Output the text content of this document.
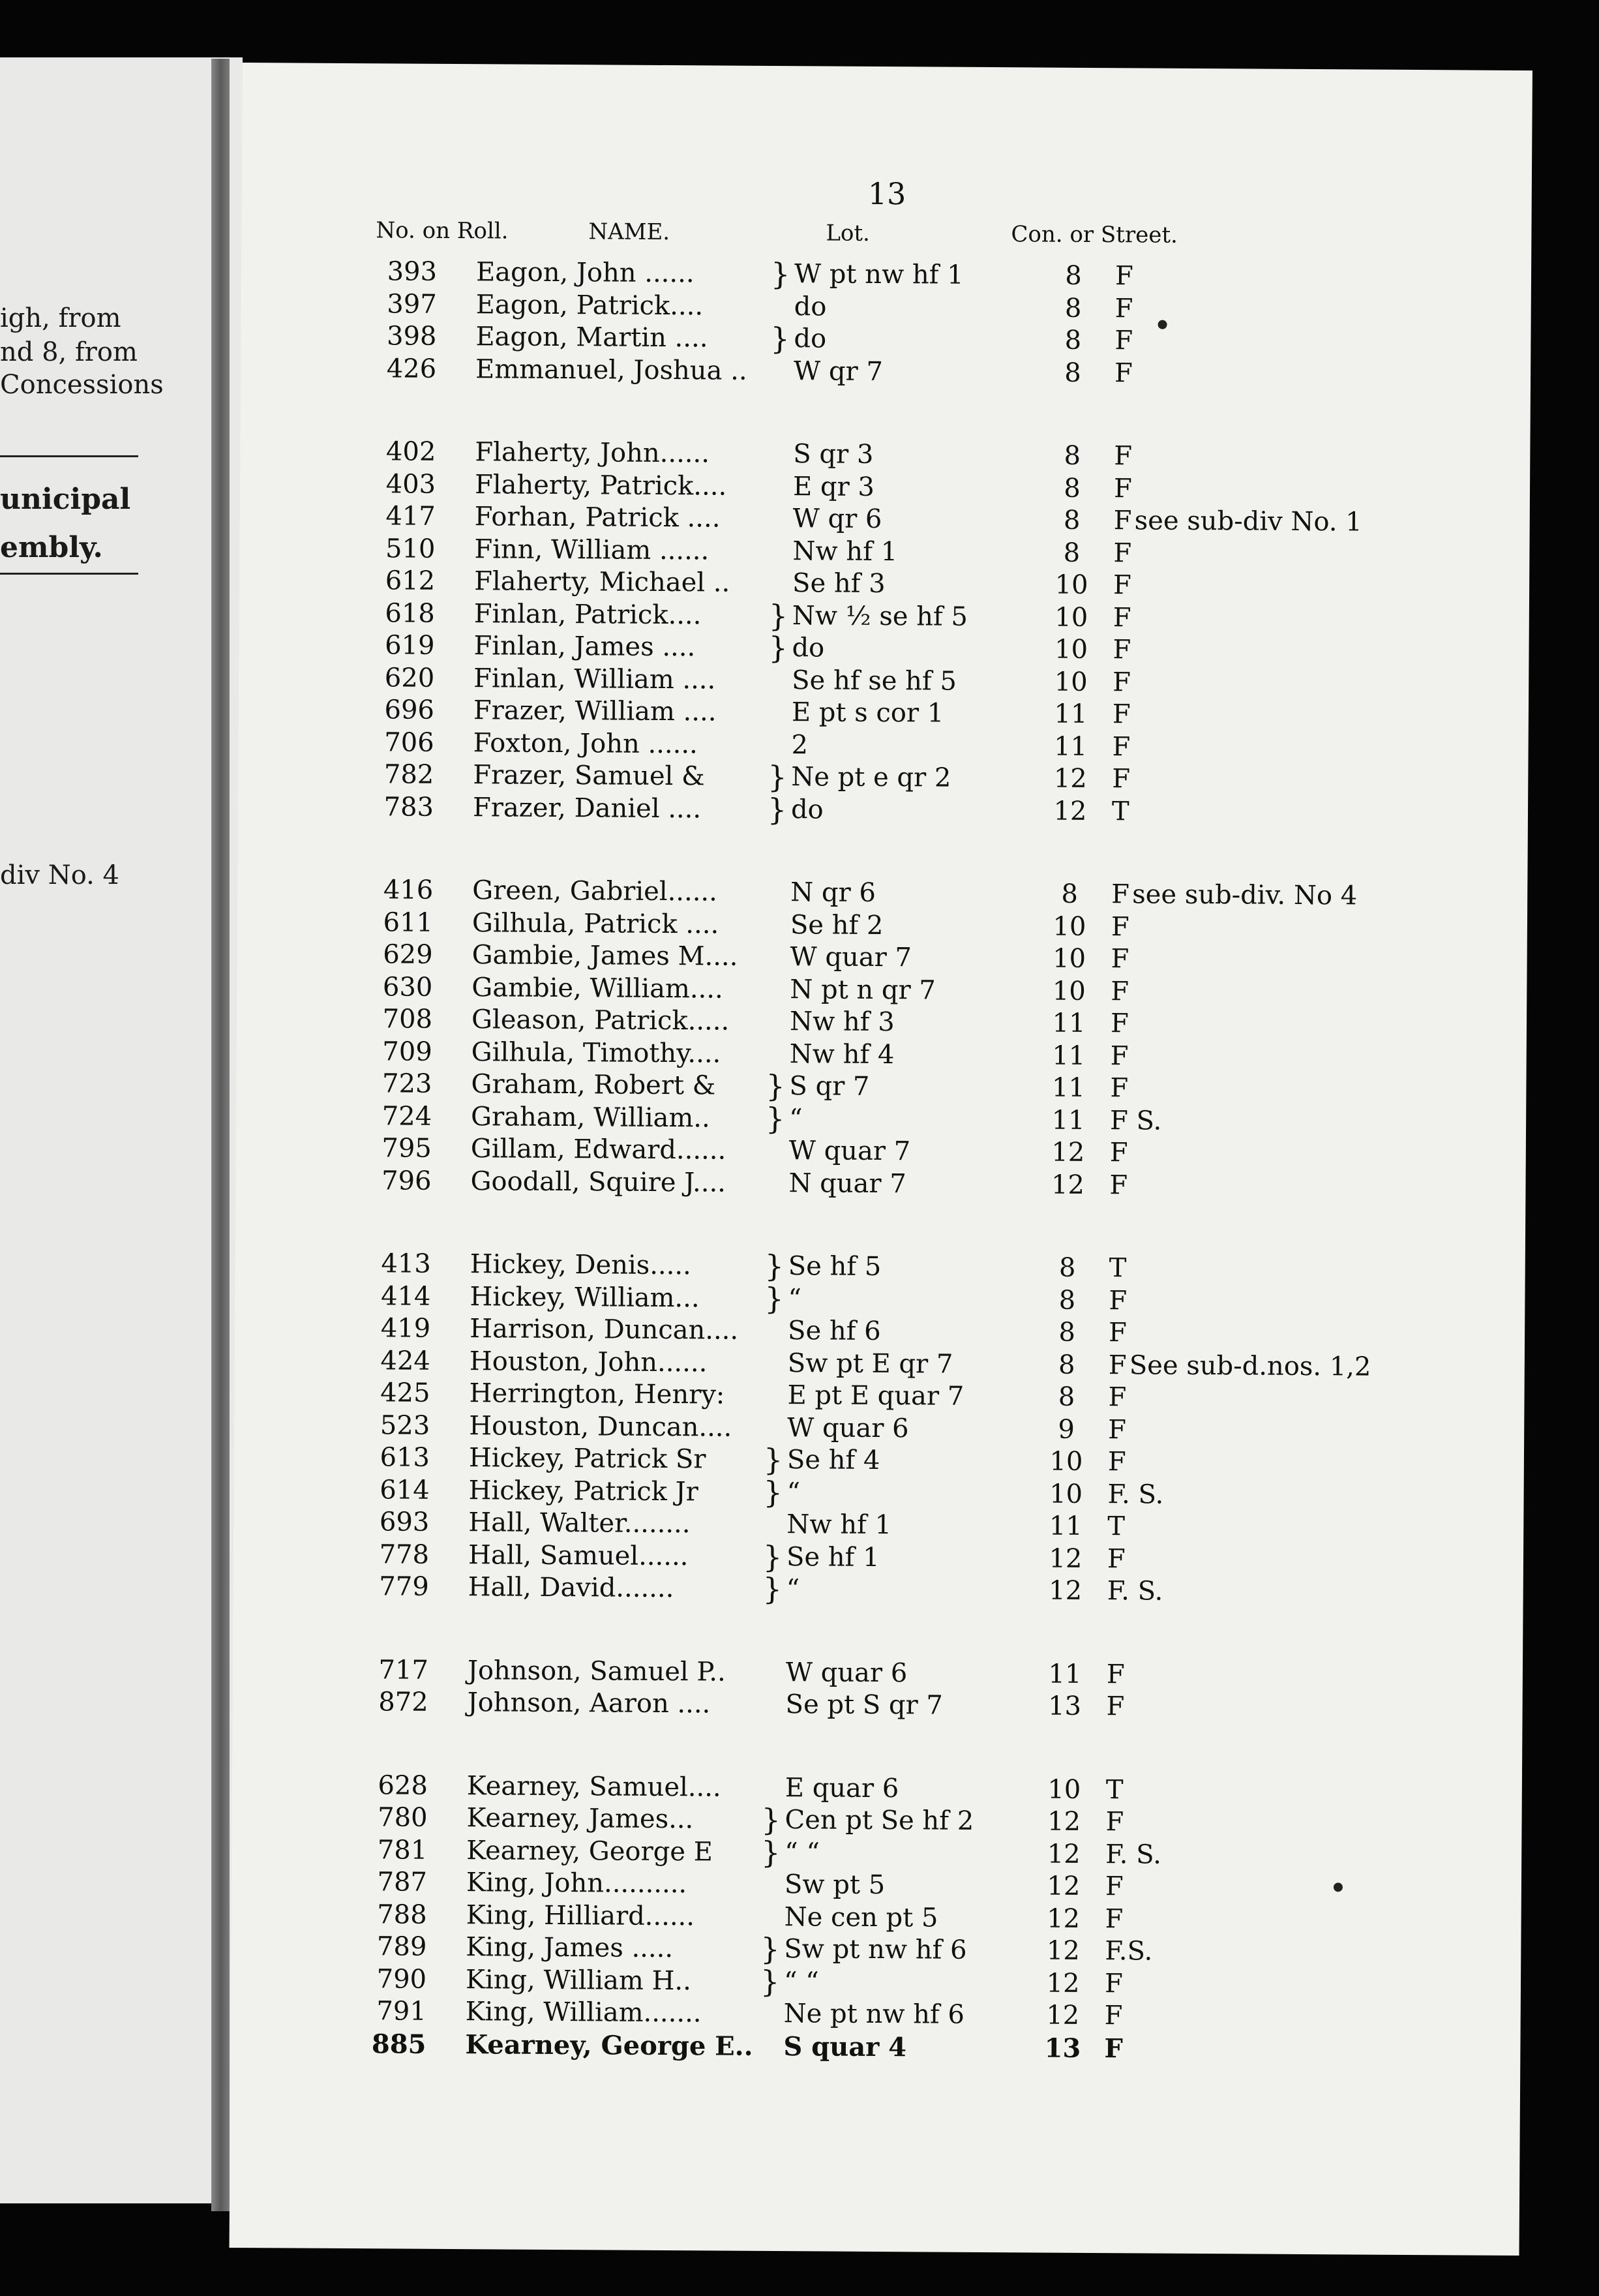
igh, from
nd 8, from
Concessions
unicipal
embly.
div No. 4
13
No. on Roll.	NAME.	Lot.	Con. or Street.
393 Eagon, John ......	} W pt nw hf 1	8	F
397 Eagon, Patrick....	do	8	F
398 Eagon, Martin .... } do	8	F
426 Emmanuel, Joshua .. W qr 7	8	F
402 Flaherty, John......	S qr 3	8	F
403 Flaherty, Patrick....	E qr 3	8	F
417 Forhan, Patrick ....	W qr 6	8	F see sub-div No. 1
510 Finn, William ......	Nw hf 1	8	F
612 Flaherty, Michael .. Se hf 3	10 F
618 Finlan, Patrick.... } Nw ½ se hf 5	10 F
619 Finlan, James .... } do	10 F
620 Finlan, William ....	Se hf se hf 5	10 F
696 Frazer, William ....	E pt s cor 1	11 F
706 Foxton, John ......	2	11 F
782 Frazer, Samuel & } Ne pt e qr 2	12 F
783 Frazer, Daniel .... } do	12 T
416 Green, Gabriel......	N qr 6	8	F see sub-div. No 4
611 Gilhula, Patrick ....	Se hf 2	10 F
629 Gambie, James M.... W quar 7	10 F
630 Gambie, William....	N pt n qr 7	10 F
708 Gleason, Patrick..... Nw hf 3	11 F
709 Gilhula, Timothy....	Nw hf 4	11 F
723 Graham, Robert & } S qr 7	11 F
724 Graham, William.. } “	11 F S.
795 Gillam, Edward...... W quar 7	12 F
796 Goodall, Squire J.... N quar 7	12 F
413 Hickey, Denis..... } Se hf 5	8	T
414 Hickey, William... } “	8	F
419 Harrison, Duncan.... Se hf 6	8	F
424 Houston, John......	Sw pt E qr 7	8	F See sub-d.nos. 1,2
425 Herrington, Henry: E pt E quar 7	8	F
523 Houston, Duncan.... W quar 6	9	F
613 Hickey, Patrick Sr } Se hf 4	10 F
614 Hickey, Patrick Jr } “	10 F. S.
693 Hall, Walter........	Nw hf 1	11 T
778 Hall, Samuel...... } Se hf 1	12 F
779 Hall, David.......	} “	12 F. S.
717 Johnson, Samuel P.. W quar 6	11 F
872 Johnson, Aaron ....	Se pt S qr 7	13 F
628 Kearney, Samuel.... E quar 6	10 T
780 Kearney, James... } Cen pt Se hf 2	12 F
781 Kearney, George E } “ “	12 F. S.
787 King, John..........	Sw pt 5	12 F
788 King, Hilliard......	Ne cen pt 5	12 F
789 King, James .....	} Sw pt nw hf 6	12 F.S.
790 King, William H.. } “ “	12 F
791 King, William.......	Ne pt nw hf 6	12 F
885 Kearney, George E.. S quar 4	13 F
